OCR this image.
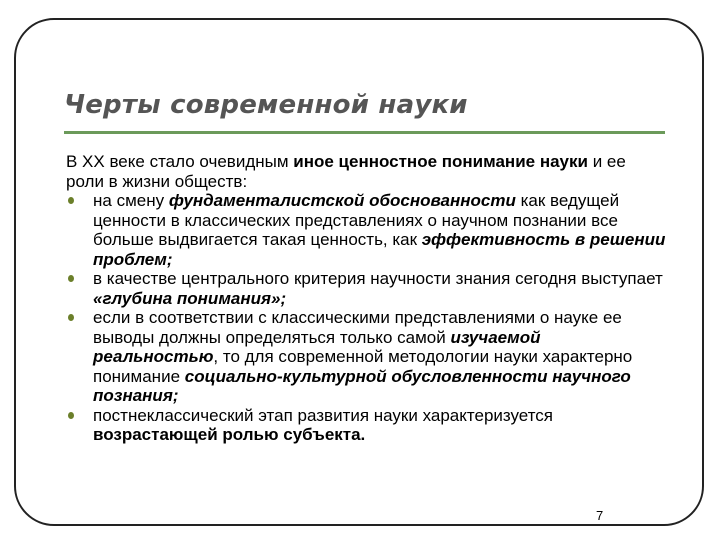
Черты современной науки

В XX веке стало очевидным иное ценностное понимание науки и ее роли в жизни обществ:

на смену фундаменталистской обоснованности как ведущей ценности в классических представлениях о научном познании все больше выдвигается такая ценность, как эффективность в решении проблем;
в качестве центрального критерия научности знания сегодня выступает «глубина понимания»;
если в соответствии с классическими представлениями о науке ее выводы должны определяться только самой изучаемой реальностью, то для современной методологии науки характерно понимание социально-культурной обусловленности научного познания;
постнеклассический этап развития науки характеризуется возрастающей ролью субъекта.
7
